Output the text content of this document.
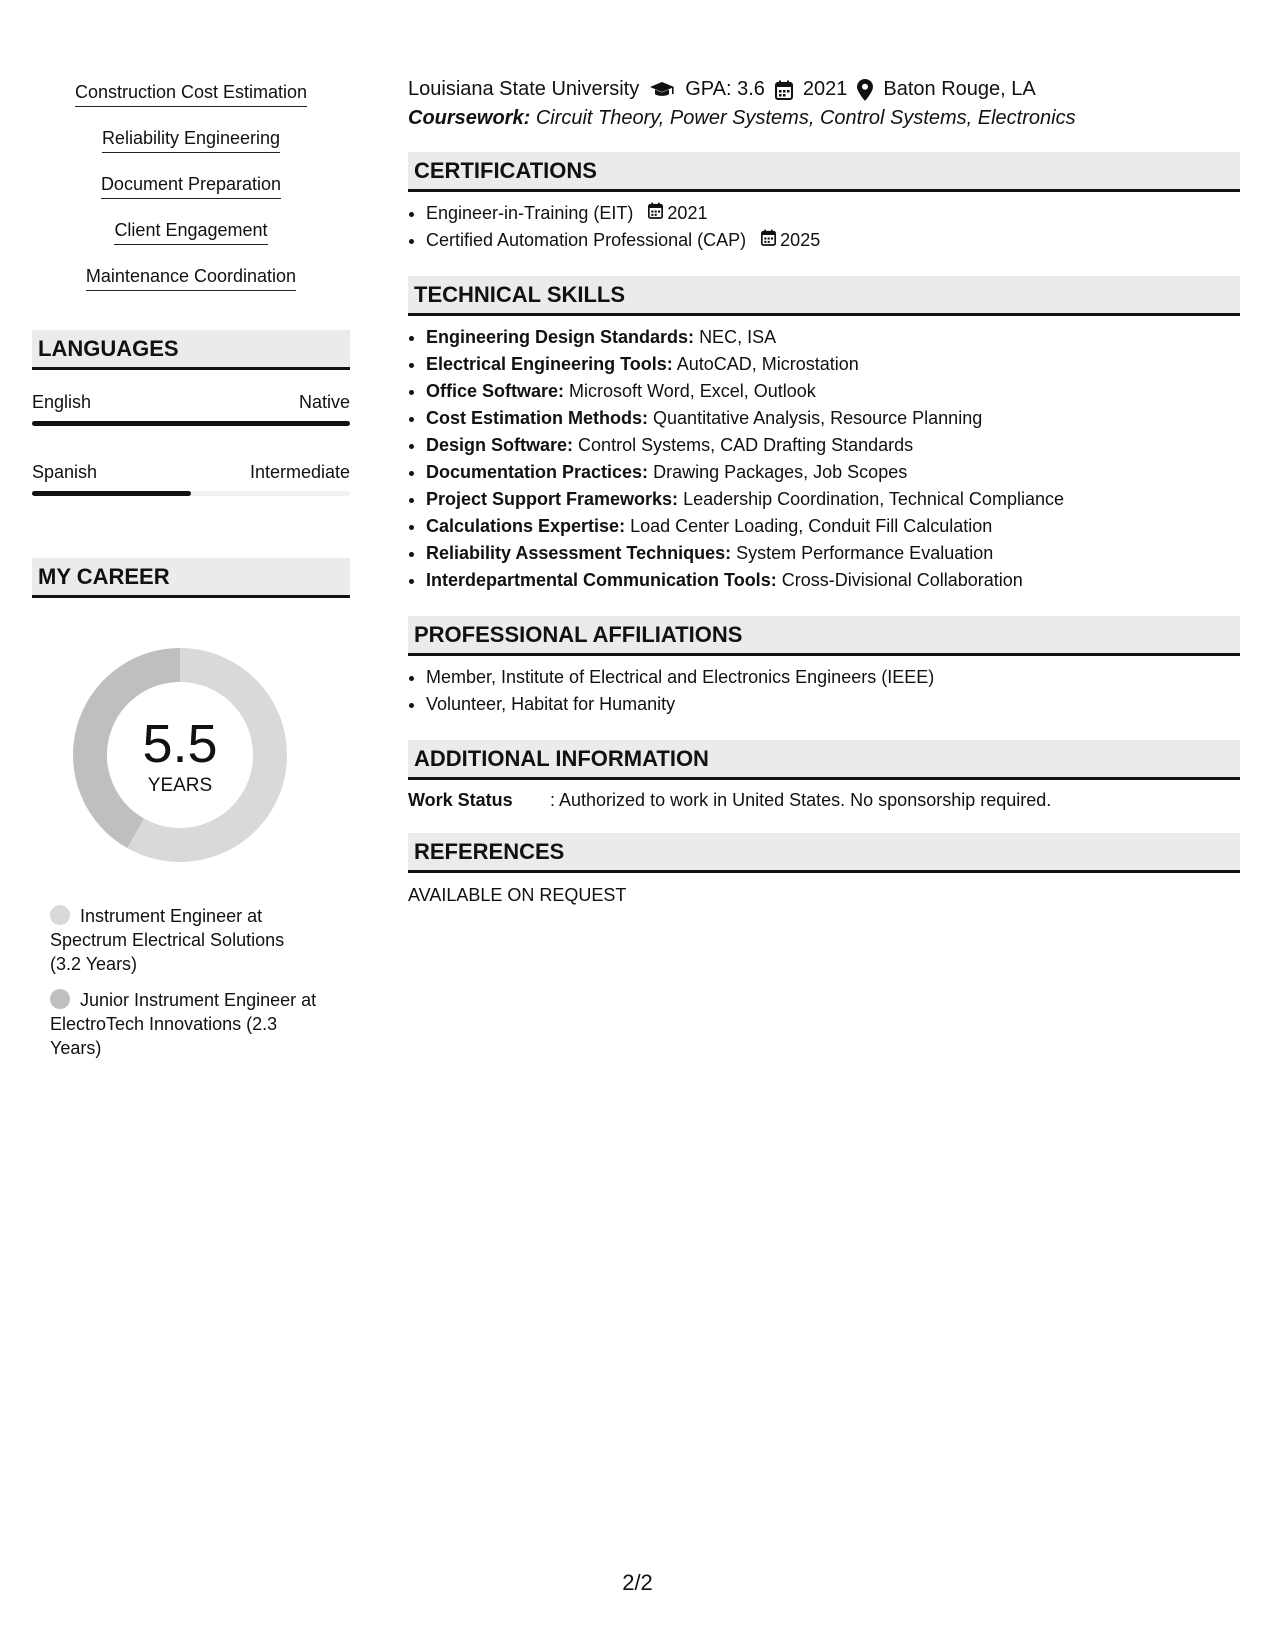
Construction Cost Estimation
Reliability Engineering
Document Preparation
Client Engagement
Maintenance Coordination
LANGUAGES
English	Native
Spanish	Intermediate
MY CAREER
5.5
YEARS
Instrument Engineer at Spectrum Electrical Solutions (3.2 Years)
Junior Instrument Engineer at ElectroTech Innovations (2.3 Years)
Louisiana State University GPA: 3.6 2021 Baton Rouge, LA
Coursework: Circuit Theory, Power Systems, Control Systems, Electronics
CERTIFICATIONS
• Engineer-in-Training (EIT) 2021
• Certified Automation Professional (CAP) 2025
TECHNICAL SKILLS
• Engineering Design Standards: NEC, ISA
• Electrical Engineering Tools: AutoCAD, Microstation
• Office Software: Microsoft Word, Excel, Outlook
• Cost Estimation Methods: Quantitative Analysis, Resource Planning
• Design Software: Control Systems, CAD Drafting Standards
• Documentation Practices: Drawing Packages, Job Scopes
• Project Support Frameworks: Leadership Coordination, Technical Compliance
• Calculations Expertise: Load Center Loading, Conduit Fill Calculation
• Reliability Assessment Techniques: System Performance Evaluation
• Interdepartmental Communication Tools: Cross-Divisional Collaboration
PROFESSIONAL AFFILIATIONS
• Member, Institute of Electrical and Electronics Engineers (IEEE)
• Volunteer, Habitat for Humanity
ADDITIONAL INFORMATION
Work Status	: Authorized to work in United States. No sponsorship required.
REFERENCES
AVAILABLE ON REQUEST
2/2
